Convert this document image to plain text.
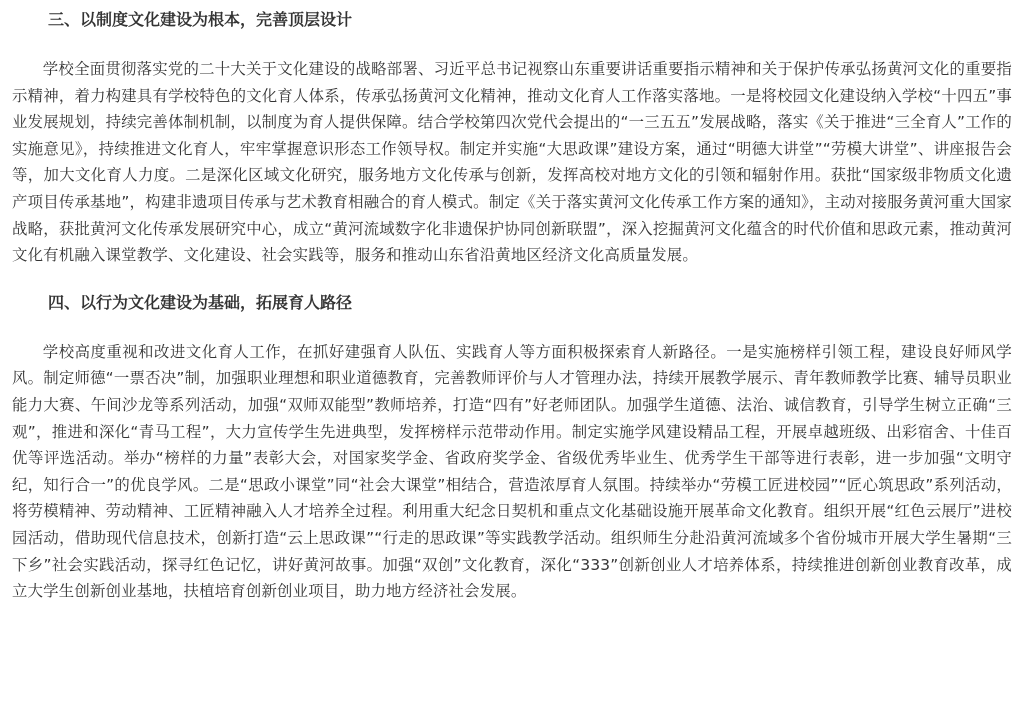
三、以制度文化建设为根本，完善顶层设计

学校全面贯彻落实党的二十大关于文化建设的战略部署、习近平总书记视察山东重要讲话重要指示精神和关于保护传承弘扬黄河文化的重要指示精神，着力构建具有学校特色的文化育人体系，传承弘扬黄河文化精神，推动文化育人工作落实落地。一是将校园文化建设纳入学校“十四五”事业发展规划，持续完善体制机制，以制度为育人提供保障。结合学校第四次党代会提出的“一三五五”发展战略，落实《关于推进“三全育人”工作的实施意见》，持续推进文化育人，牢牢掌握意识形态工作领导权。制定并实施“大思政课”建设方案，通过“明德大讲堂”“劳模大讲堂”、讲座报告会等，加大文化育人力度。二是深化区域文化研究，服务地方文化传承与创新，发挥高校对地方文化的引领和辐射作用。获批“国家级非物质文化遗产项目传承基地”，构建非遗项目传承与艺术教育相融合的育人模式。制定《关于落实黄河文化传承工作方案的通知》，主动对接服务黄河重大国家战略，获批黄河文化传承发展研究中心，成立“黄河流域数字化非遗保护协同创新联盟”，深入挖掘黄河文化蕴含的时代价值和思政元素，推动黄河文化有机融入课堂教学、文化建设、社会实践等，服务和推动山东省沿黄地区经济文化高质量发展。

四、以行为文化建设为基础，拓展育人路径

学校高度重视和改进文化育人工作，在抓好建强育人队伍、实践育人等方面积极探索育人新路径。一是实施榜样引领工程，建设良好师风学风。制定师德“一票否决”制，加强职业理想和职业道德教育，完善教师评价与人才管理办法，持续开展教学展示、青年教师教学比赛、辅导员职业能力大赛、午间沙龙等系列活动，加强“双师双能型”教师培养，打造“四有”好老师团队。加强学生道德、法治、诚信教育，引导学生树立正确“三观”，推进和深化“青马工程”，大力宣传学生先进典型，发挥榜样示范带动作用。制定实施学风建设精品工程，开展卓越班级、出彩宿舍、十佳百优等评选活动。举办“榜样的力量”表彰大会，对国家奖学金、省政府奖学金、省级优秀毕业生、优秀学生干部等进行表彰，进一步加强“文明守纪，知行合一”的优良学风。二是“思政小课堂”同“社会大课堂”相结合，营造浓厚育人氛围。持续举办“劳模工匠进校园”“匠心筑思政”系列活动，将劳模精神、劳动精神、工匠精神融入人才培养全过程。利用重大纪念日契机和重点文化基础设施开展革命文化教育。组织开展“红色云展厅”进校园活动，借助现代信息技术，创新打造“云上思政课”“行走的思政课”等实践教学活动。组织师生分赴沿黄河流域多个省份城市开展大学生暑期“三下乡”社会实践活动，探寻红色记忆，讲好黄河故事。加强“双创”文化教育，深化“333”创新创业人才培养体系，持续推进创新创业教育改革，成立大学生创新创业基地，扶植培育创新创业项目，助力地方经济社会发展。
